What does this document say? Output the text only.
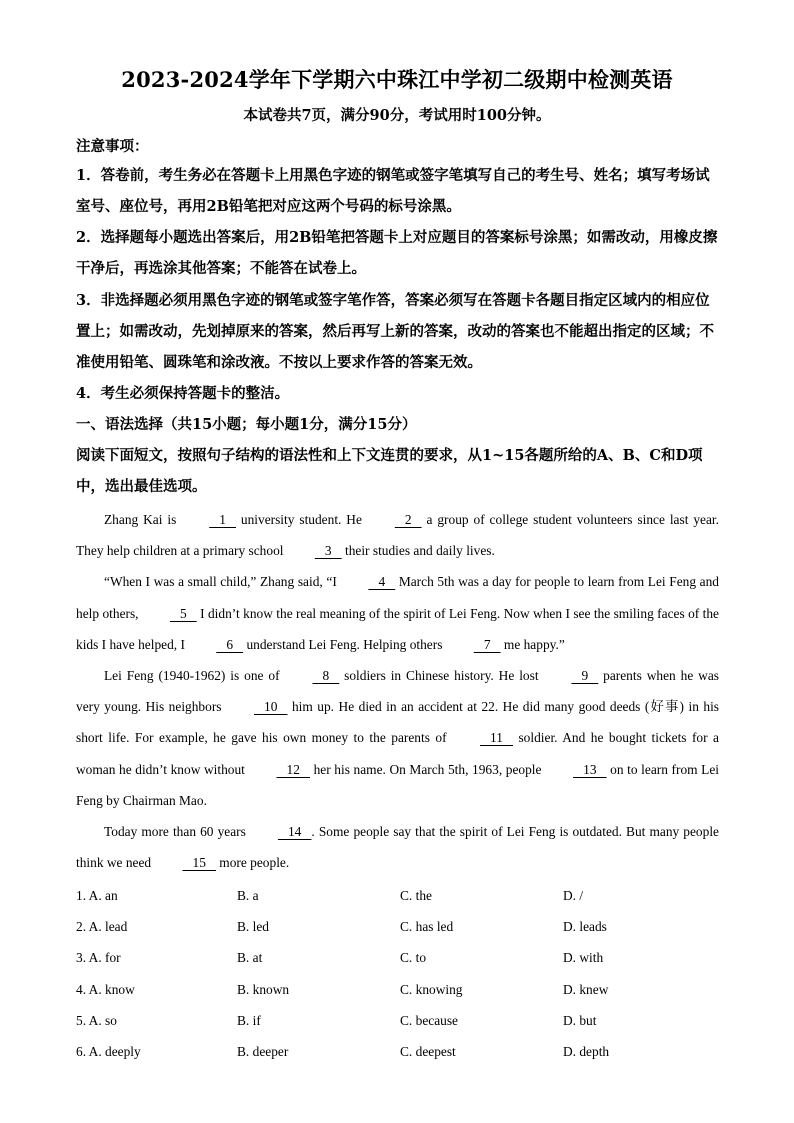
2023-2024学年下学期六中珠江中学初二级期中检测英语
本试卷共7页，满分90分，考试用时100分钟。
注意事项：
1．答卷前，考生务必在答题卡上用黑色字迹的钢笔或签字笔填写自己的考生号、姓名；填写考场试室号、座位号，再用2B铅笔把对应这两个号码的标号涂黑。
2．选择题每小题选出答案后，用2B铅笔把答题卡上对应题目的答案标号涂黑；如需改动，用橡皮擦干净后，再选涂其他答案；不能答在试卷上。
3．非选择题必须用黑色字迹的钢笔或签字笔作答，答案必须写在答题卡各题目指定区域内的相应位置上；如需改动，先划掉原来的答案，然后再写上新的答案，改动的答案也不能超出指定的区域；不准使用铅笔、圆珠笔和涂改液。不按以上要求作答的答案无效。
4．考生必须保持答题卡的整洁。
一、语法选择（共15小题；每小题1分，满分15分）
阅读下面短文，按照句子结构的语法性和上下文连贯的要求，从1~15各题所给的A、B、C和D项中，选出最佳选项。

Zhang Kai is    1    university student. He    2    a group of college student volunteers since last year. They help children at a primary school    3    their studies and daily lives.

“When I was a small child,” Zhang said, “I    4    March 5th was a day for people to learn from Lei Feng and help others,    5    I didn’t know the real meaning of the spirit of Lei Feng. Now when I see the smiling faces of the kids I have helped, I    6    understand Lei Feng. Helping others    7    me happy.”

Lei Feng (1940-1962) is one of    8    soldiers in Chinese history. He lost    9    parents when he was very young. His neighbors    10    him up. He died in an accident at 22. He did many good deeds (好事) in his short life. For example, he gave his own money to the parents of    11    soldier. And he bought tickets for a woman he didn’t know without    12    her his name. On March 5th, 1963, people    13    on to learn from Lei Feng by Chairman Mao.

Today more than 60 years    14   . Some people say that the spirit of Lei Feng is outdated. But many people think we need    15    more people.

1. A. an	B. a	C. the	D. /
2. A. lead	B. led	C. has led	D. leads
3. A. for	B. at	C. to	D. with
4. A. know	B. known	C. knowing	D. knew
5. A. so	B. if	C. because	D. but
6. A. deeply	B. deeper	C. deepest	D. depth
